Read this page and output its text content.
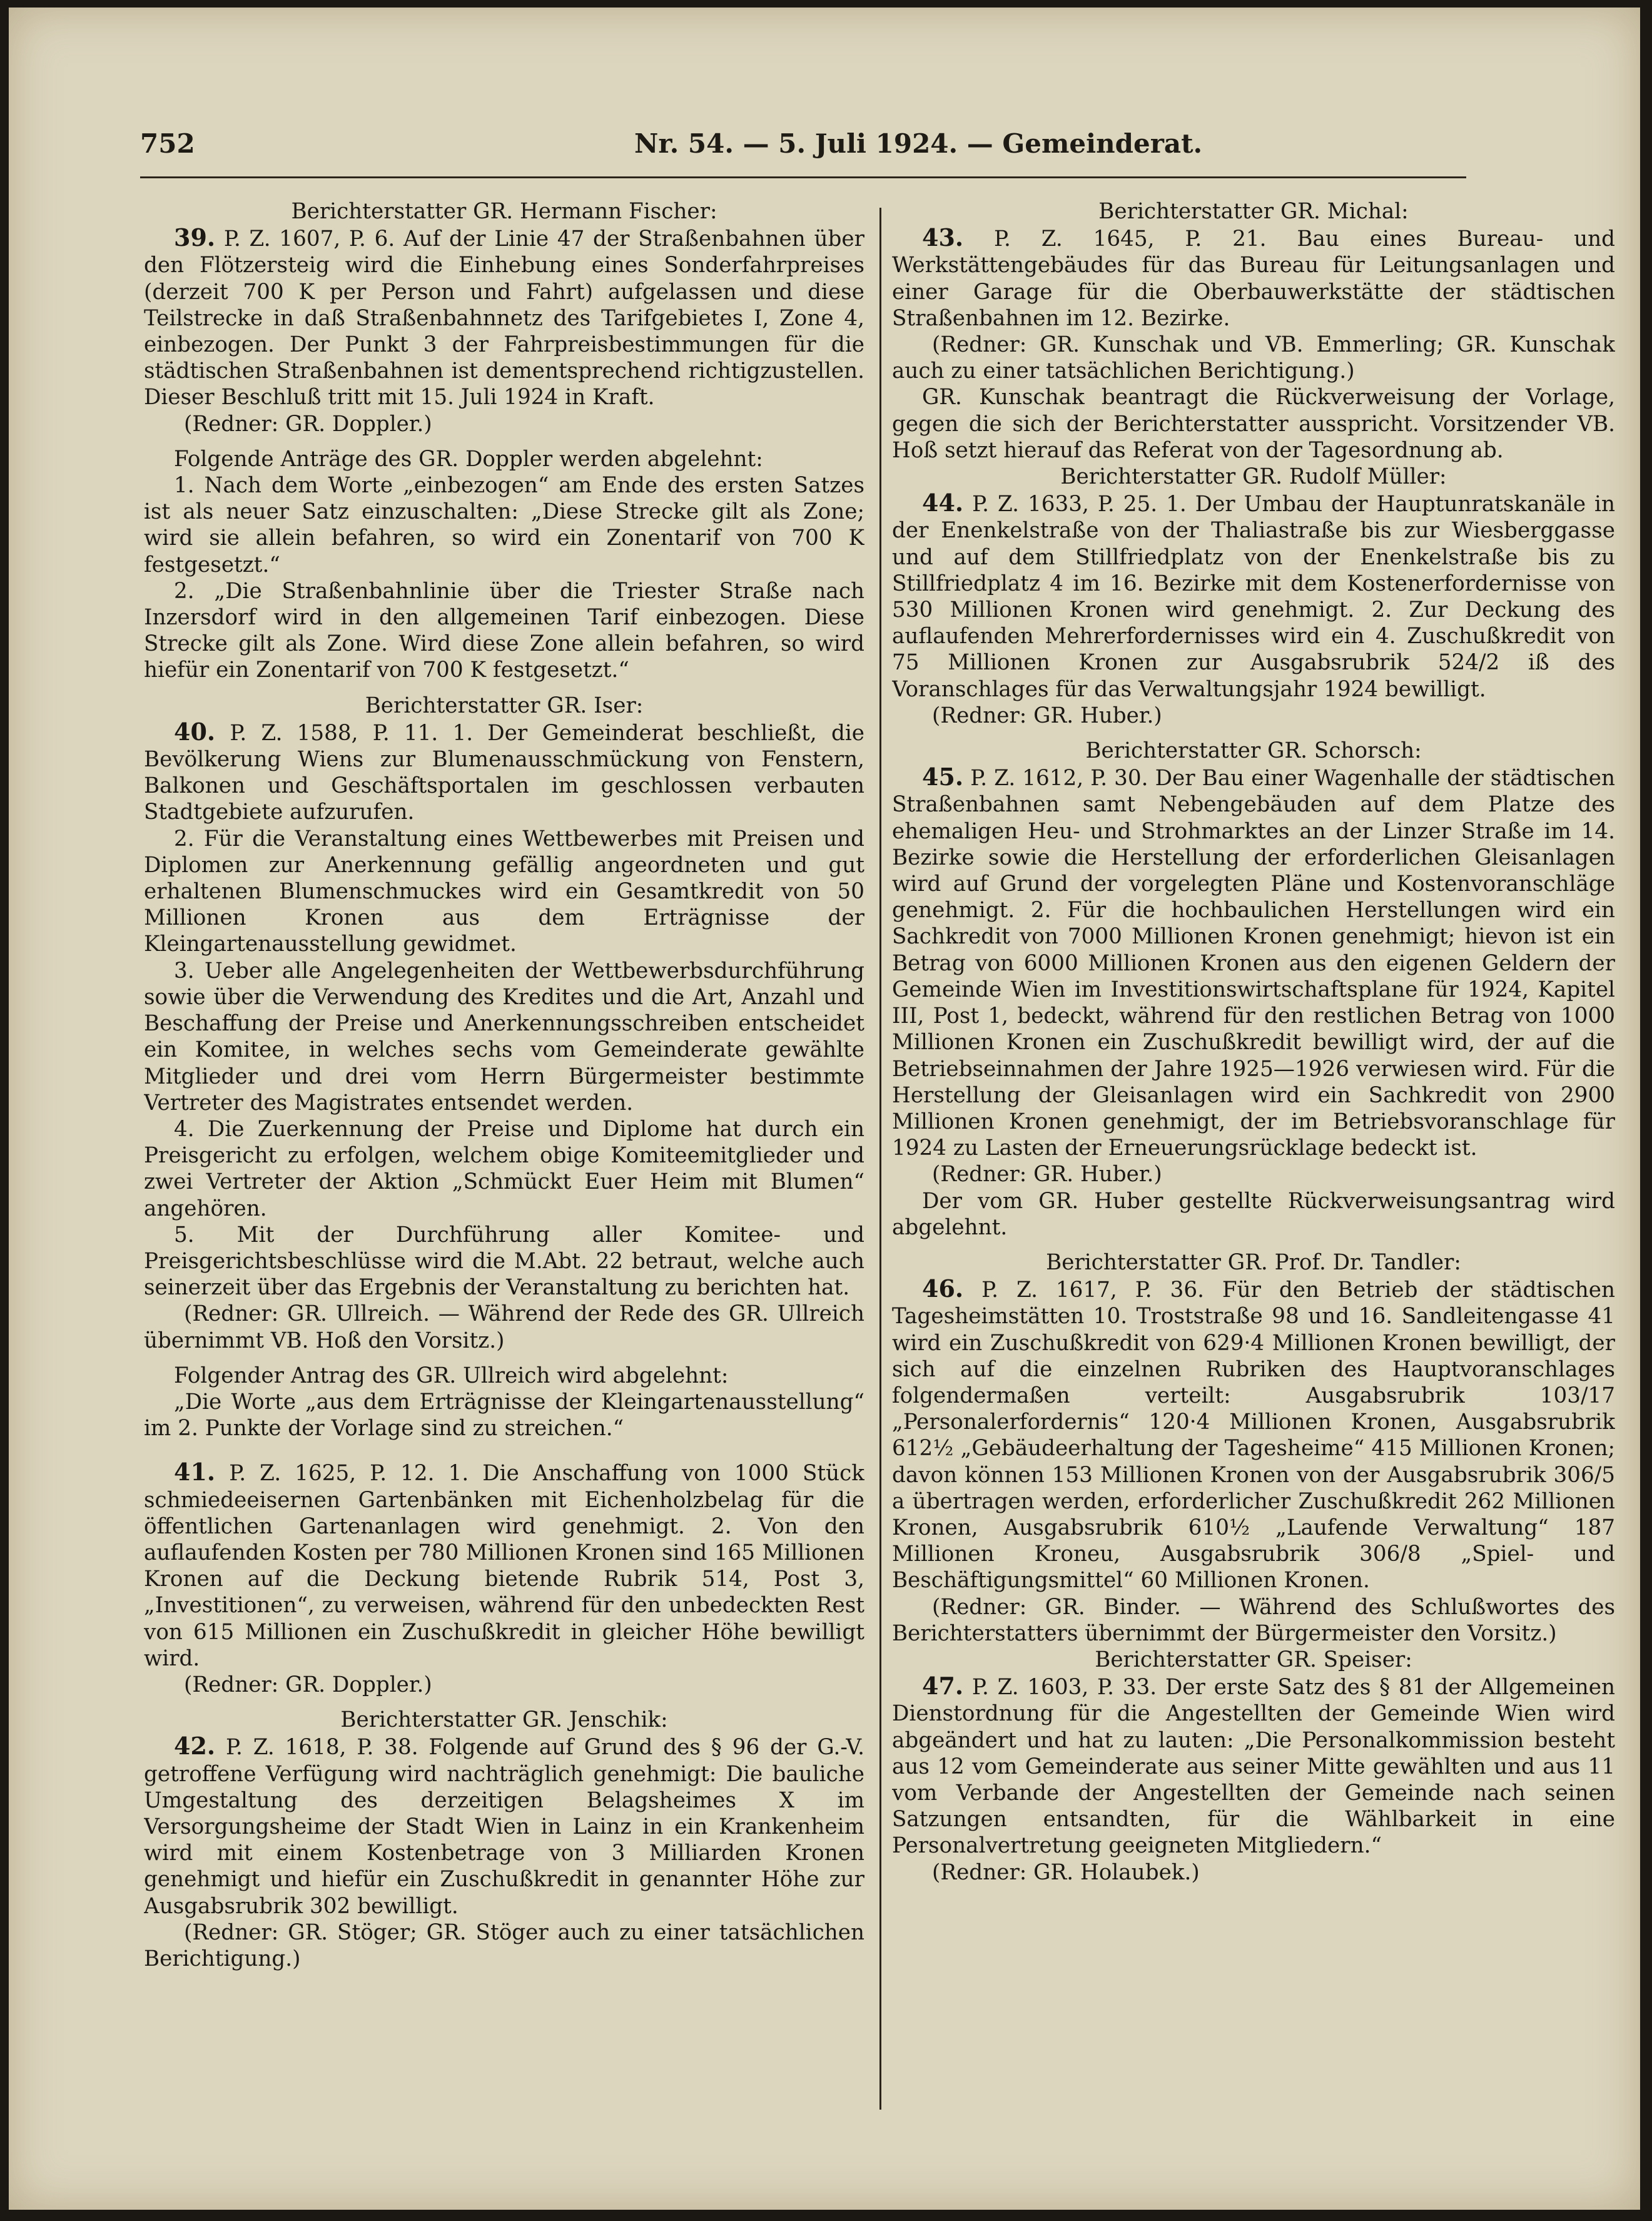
752	Nr. 54. — 5. Juli 1924. — Gemeinderat.

Berichterstatter GR. Hermann Fischer:

39. P. Z. 1607, P. 6. Auf der Linie 47 der Straßenbahnen über den Flötzersteig wird die Einhebung eines Sonderfahrpreises (derzeit 700 K per Person und Fahrt) aufgelassen und diese Teilstrecke in daß Straßenbahnnetz des Tarifgebietes I, Zone 4, einbezogen. Der Punkt 3 der Fahrpreisbestimmungen für die städtischen Straßenbahnen ist dementsprechend richtigzustellen. Dieser Beschluß tritt mit 15. Juli 1924 in Kraft.

(Redner: GR. Doppler.)

Folgende Anträge des GR. Doppler werden abgelehnt:

1. Nach dem Worte „einbezogen“ am Ende des ersten Satzes ist als neuer Satz einzuschalten: „Diese Strecke gilt als Zone; wird sie allein befahren, so wird ein Zonentarif von 700 K festgesetzt.“

2. „Die Straßenbahnlinie über die Triester Straße nach Inzersdorf wird in den allgemeinen Tarif einbezogen. Diese Strecke gilt als Zone. Wird diese Zone allein befahren, so wird hiefür ein Zonentarif von 700 K festgesetzt.“

Berichterstatter GR. Iser:

40. P. Z. 1588, P. 11. 1. Der Gemeinderat beschließt, die Bevölkerung Wiens zur Blumenausschmückung von Fenstern, Balkonen und Geschäftsportalen im geschlossen verbauten Stadtgebiete aufzurufen.

2. Für die Veranstaltung eines Wettbewerbes mit Preisen und Diplomen zur Anerkennung gefällig angeordneten und gut erhaltenen Blumenschmuckes wird ein Gesamtkredit von 50 Millionen Kronen aus dem Erträgnisse der Kleingartenausstellung gewidmet.

3. Ueber alle Angelegenheiten der Wettbewerbsdurchführung sowie über die Verwendung des Kredites und die Art, Anzahl und Beschaffung der Preise und Anerkennungsschreiben entscheidet ein Komitee, in welches sechs vom Gemeinderate gewählte Mitglieder und drei vom Herrn Bürgermeister bestimmte Vertreter des Magistrates entsendet werden.

4. Die Zuerkennung der Preise und Diplome hat durch ein Preisgericht zu erfolgen, welchem obige Komiteemitglieder und zwei Vertreter der Aktion „Schmückt Euer Heim mit Blumen“ angehören.

5. Mit der Durchführung aller Komitee- und Preisgerichtsbeschlüsse wird die M.Abt. 22 betraut, welche auch seinerzeit über das Ergebnis der Veranstaltung zu berichten hat.

(Redner: GR. Ullreich. — Während der Rede des GR. Ullreich übernimmt VB. Hoß den Vorsitz.)

Folgender Antrag des GR. Ullreich wird abgelehnt:

„Die Worte „aus dem Erträgnisse der Kleingartenausstellung“ im 2. Punkte der Vorlage sind zu streichen.“

41. P. Z. 1625, P. 12. 1. Die Anschaffung von 1000 Stück schmiedeeisernen Gartenbänken mit Eichenholzbelag für die öffentlichen Gartenanlagen wird genehmigt. 2. Von den auflaufenden Kosten per 780 Millionen Kronen sind 165 Millionen Kronen auf die Deckung bietende Rubrik 514, Post 3, „Investitionen“, zu verweisen, während für den unbedeckten Rest von 615 Millionen ein Zuschußkredit in gleicher Höhe bewilligt wird.

(Redner: GR. Doppler.)

Berichterstatter GR. Jenschik:

42. P. Z. 1618, P. 38. Folgende auf Grund des § 96 der G.-V. getroffene Verfügung wird nachträglich genehmigt: Die bauliche Umgestaltung des derzeitigen Belagsheimes X im Versorgungsheime der Stadt Wien in Lainz in ein Krankenheim wird mit einem Kostenbetrage von 3 Milliarden Kronen genehmigt und hiefür ein Zuschußkredit in genannter Höhe zur Ausgabsrubrik 302 bewilligt.

(Redner: GR. Stöger; GR. Stöger auch zu einer tatsächlichen Berichtigung.)

Berichterstatter GR. Michal:

43. P. Z. 1645, P. 21. Bau eines Bureau- und Werkstättengebäudes für das Bureau für Leitungsanlagen und einer Garage für die Oberbauwerkstätte der städtischen Straßenbahnen im 12. Bezirke.

(Redner: GR. Kunschak und VB. Emmerling; GR. Kunschak auch zu einer tatsächlichen Berichtigung.)

GR. Kunschak beantragt die Rückverweisung der Vorlage, gegen die sich der Berichterstatter ausspricht. Vorsitzender VB. Hoß setzt hierauf das Referat von der Tagesordnung ab.

Berichterstatter GR. Rudolf Müller:

44. P. Z. 1633, P. 25. 1. Der Umbau der Hauptunratskanäle in der Enenkelstraße von der Thaliastraße bis zur Wiesberggasse und auf dem Stillfriedplatz von der Enenkelstraße bis zu Stillfriedplatz 4 im 16. Bezirke mit dem Kostenerfordernisse von 530 Millionen Kronen wird genehmigt. 2. Zur Deckung des auflaufenden Mehrerfordernisses wird ein 4. Zuschußkredit von 75 Millionen Kronen zur Ausgabsrubrik 524/2 iß des Voranschlages für das Verwaltungsjahr 1924 bewilligt.

(Redner: GR. Huber.)

Berichterstatter GR. Schorsch:

45. P. Z. 1612, P. 30. Der Bau einer Wagenhalle der städtischen Straßenbahnen samt Nebengebäuden auf dem Platze des ehemaligen Heu- und Strohmarktes an der Linzer Straße im 14. Bezirke sowie die Herstellung der erforderlichen Gleisanlagen wird auf Grund der vorgelegten Pläne und Kostenvoranschläge genehmigt. 2. Für die hochbaulichen Herstellungen wird ein Sachkredit von 7000 Millionen Kronen genehmigt; hievon ist ein Betrag von 6000 Millionen Kronen aus den eigenen Geldern der Gemeinde Wien im Investitionswirtschaftsplane für 1924, Kapitel III, Post 1, bedeckt, während für den restlichen Betrag von 1000 Millionen Kronen ein Zuschußkredit bewilligt wird, der auf die Betriebseinnahmen der Jahre 1925—1926 verwiesen wird. Für die Herstellung der Gleisanlagen wird ein Sachkredit von 2900 Millionen Kronen genehmigt, der im Betriebsvoranschlage für 1924 zu Lasten der Erneuerungsrücklage bedeckt ist.

(Redner: GR. Huber.)

Der vom GR. Huber gestellte Rückverweisungsantrag wird abgelehnt.

Berichterstatter GR. Prof. Dr. Tandler:

46. P. Z. 1617, P. 36. Für den Betrieb der städtischen Tagesheimstätten 10. Troststraße 98 und 16. Sandleitengasse 41 wird ein Zuschußkredit von 629·4 Millionen Kronen bewilligt, der sich auf die einzelnen Rubriken des Hauptvoranschlages folgendermaßen verteilt: Ausgabsrubrik 103/17 „Personalerfordernis“ 120·4 Millionen Kronen, Ausgabsrubrik 612½ „Gebäudeerhaltung der Tagesheime“ 415 Millionen Kronen; davon können 153 Millionen Kronen von der Ausgabsrubrik 306/5 a übertragen werden, erforderlicher Zuschußkredit 262 Millionen Kronen, Ausgabsrubrik 610½ „Laufende Verwaltung“ 187 Millionen Kroneu, Ausgabsrubrik 306/8 „Spiel- und Beschäftigungsmittel“ 60 Millionen Kronen.

(Redner: GR. Binder. — Während des Schlußwortes des Berichterstatters übernimmt der Bürgermeister den Vorsitz.)

Berichterstatter GR. Speiser:

47. P. Z. 1603, P. 33. Der erste Satz des § 81 der Allgemeinen Dienstordnung für die Angestellten der Gemeinde Wien wird abgeändert und hat zu lauten: „Die Personalkommission besteht aus 12 vom Gemeinderate aus seiner Mitte gewählten und aus 11 vom Verbande der Angestellten der Gemeinde nach seinen Satzungen entsandten, für die Wählbarkeit in eine Personalvertretung geeigneten Mitgliedern.“

(Redner: GR. Holaubek.)
